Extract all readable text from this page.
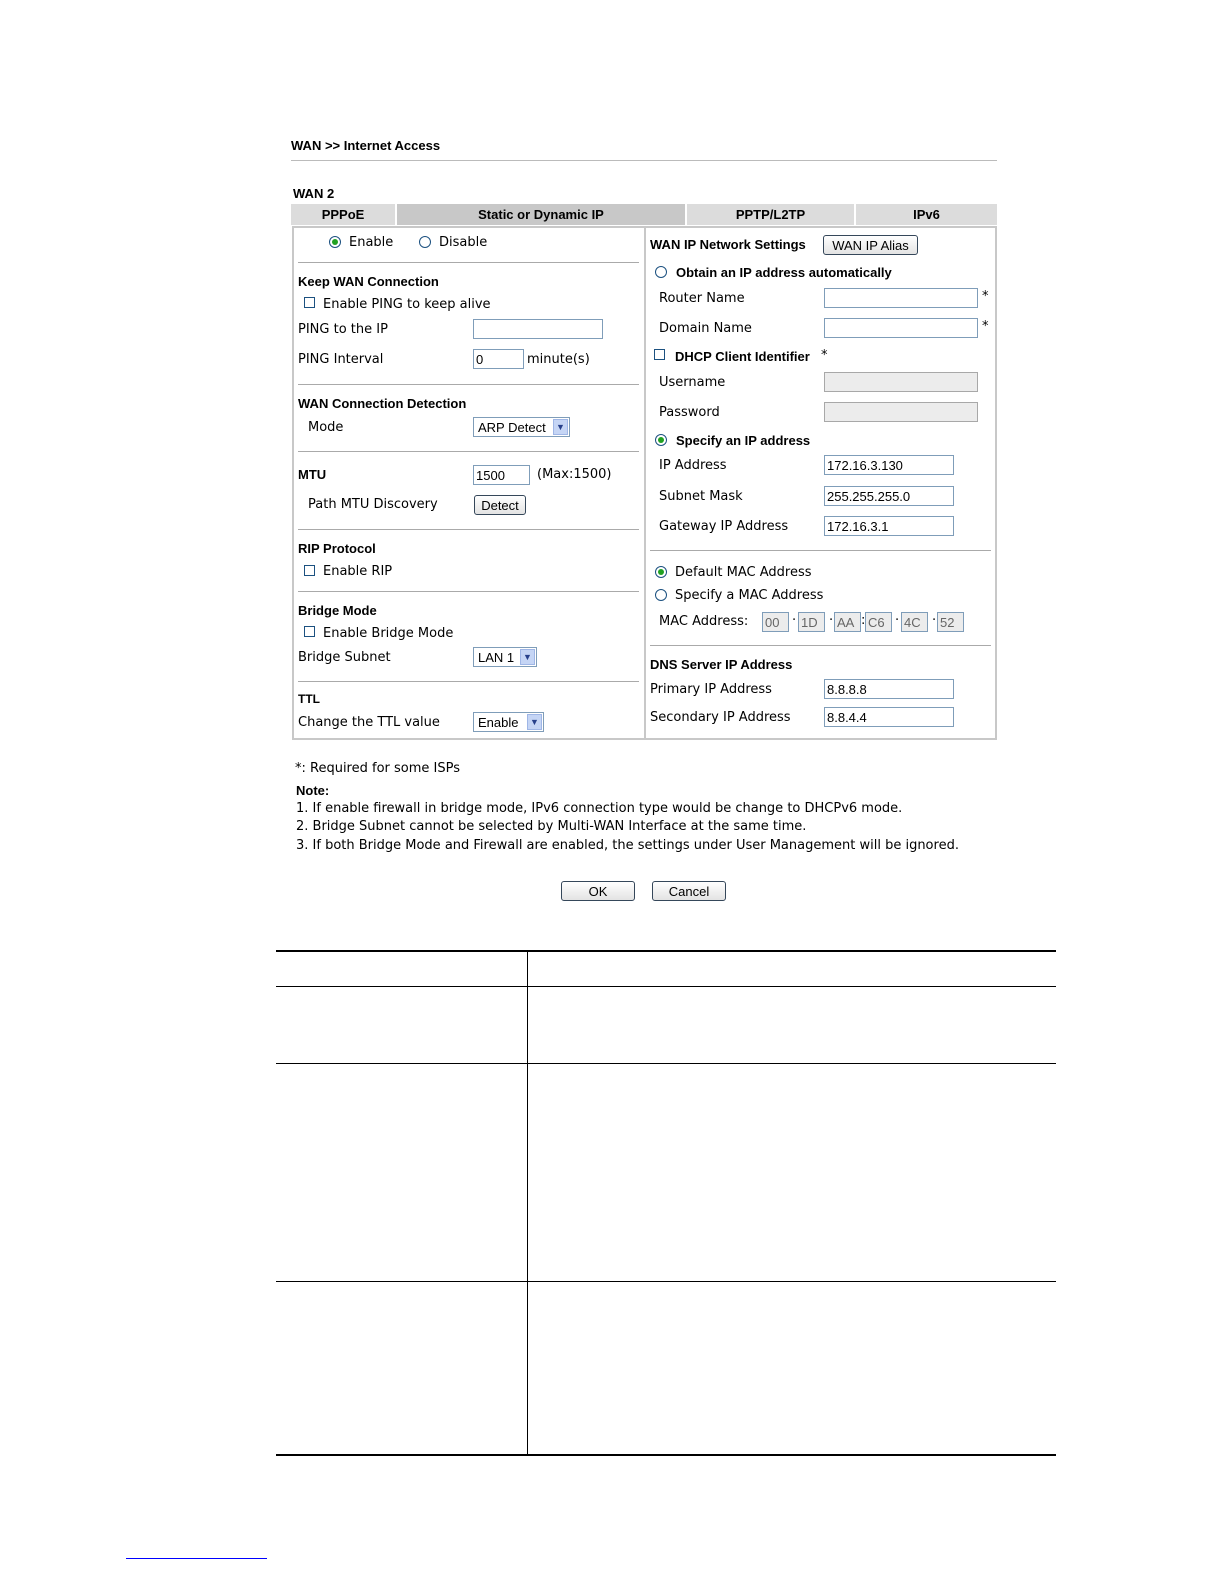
WAN >> Internet Access
WAN 2
PPPoE	Static or Dynamic IP	PPTP/L2TP	IPv6
Enable	Disable
Keep WAN Connection
Enable PING to keep alive
PING to the IP
PING Interval
0	minute(s)
WAN Connection Detection
Mode	ARP Detect	▼
MTU
1500	(Max:1500)
Path MTU Discovery	Detect
RIP Protocol
Enable RIP
Bridge Mode
Enable Bridge Mode
Bridge Subnet	LAN 1 ▼
TTL
Change the TTL value	Enable	▼
WAN IP Network Settings	WAN IP Alias
Obtain an IP address automatically
Router Name	*
Domain Name	*
DHCP Client Identifier *
Username
Password
Specify an IP address
IP Address
172.16.3.130
Subnet Mask
255.255.255.0
Gateway IP Address
172.16.3.1
Default MAC Address
Specify a MAC Address
MAC Address: 00 · 1D · AA : C6 · 4C · 52
DNS Server IP Address
Primary IP Address
8.8.8.8
Secondary IP Address
8.8.4.4
*: Required for some ISPs
Note:
1. If enable firewall in bridge mode, IPv6 connection type would be change to DHCPv6 mode.
2. Bridge Subnet cannot be selected by Multi-WAN Interface at the same time.
3. If both Bridge Mode and Firewall are enabled, the settings under User Management will be ignored.
OK	Cancel
